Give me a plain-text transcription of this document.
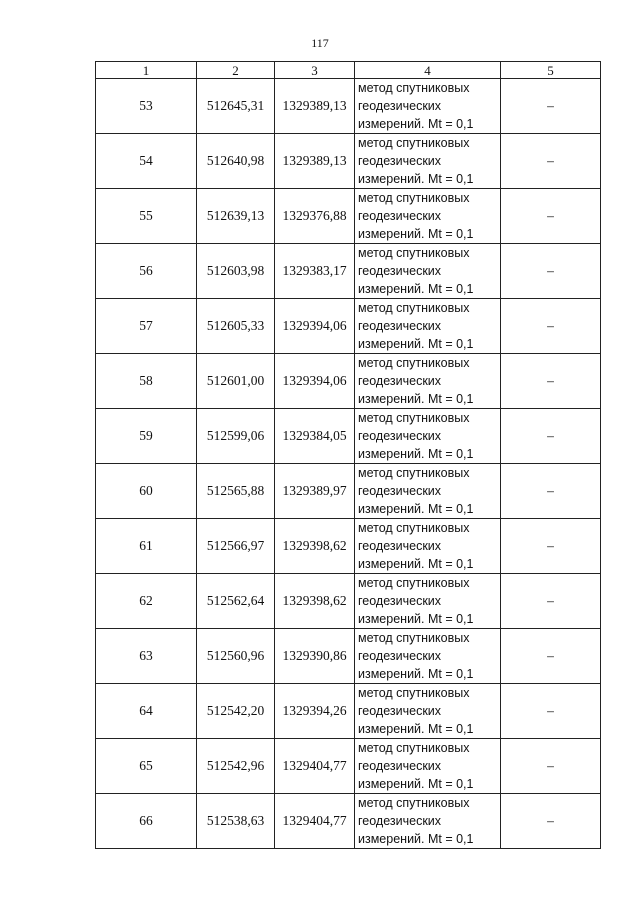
117
1	2	3	4	5
53	512645,31	1329389,13	метод спутниковых
геодезических
измерений. Mt = 0,1	–
54	512640,98	1329389,13	метод спутниковых
геодезических
измерений. Mt = 0,1	–
55	512639,13	1329376,88	метод спутниковых
геодезических
измерений. Mt = 0,1	–
56	512603,98	1329383,17	метод спутниковых
геодезических
измерений. Mt = 0,1	–
57	512605,33	1329394,06	метод спутниковых
геодезических
измерений. Mt = 0,1	–
58	512601,00	1329394,06	метод спутниковых
геодезических
измерений. Mt = 0,1	–
59	512599,06	1329384,05	метод спутниковых
геодезических
измерений. Mt = 0,1	–
60	512565,88	1329389,97	метод спутниковых
геодезических
измерений. Mt = 0,1	–
61	512566,97	1329398,62	метод спутниковых
геодезических
измерений. Mt = 0,1	–
62	512562,64	1329398,62	метод спутниковых
геодезических
измерений. Mt = 0,1	–
63	512560,96	1329390,86	метод спутниковых
геодезических
измерений. Mt = 0,1	–
64	512542,20	1329394,26	метод спутниковых
геодезических
измерений. Mt = 0,1	–
65	512542,96	1329404,77	метод спутниковых
геодезических
измерений. Mt = 0,1	–
66	512538,63	1329404,77	метод спутниковых
геодезических
измерений. Mt = 0,1	–
